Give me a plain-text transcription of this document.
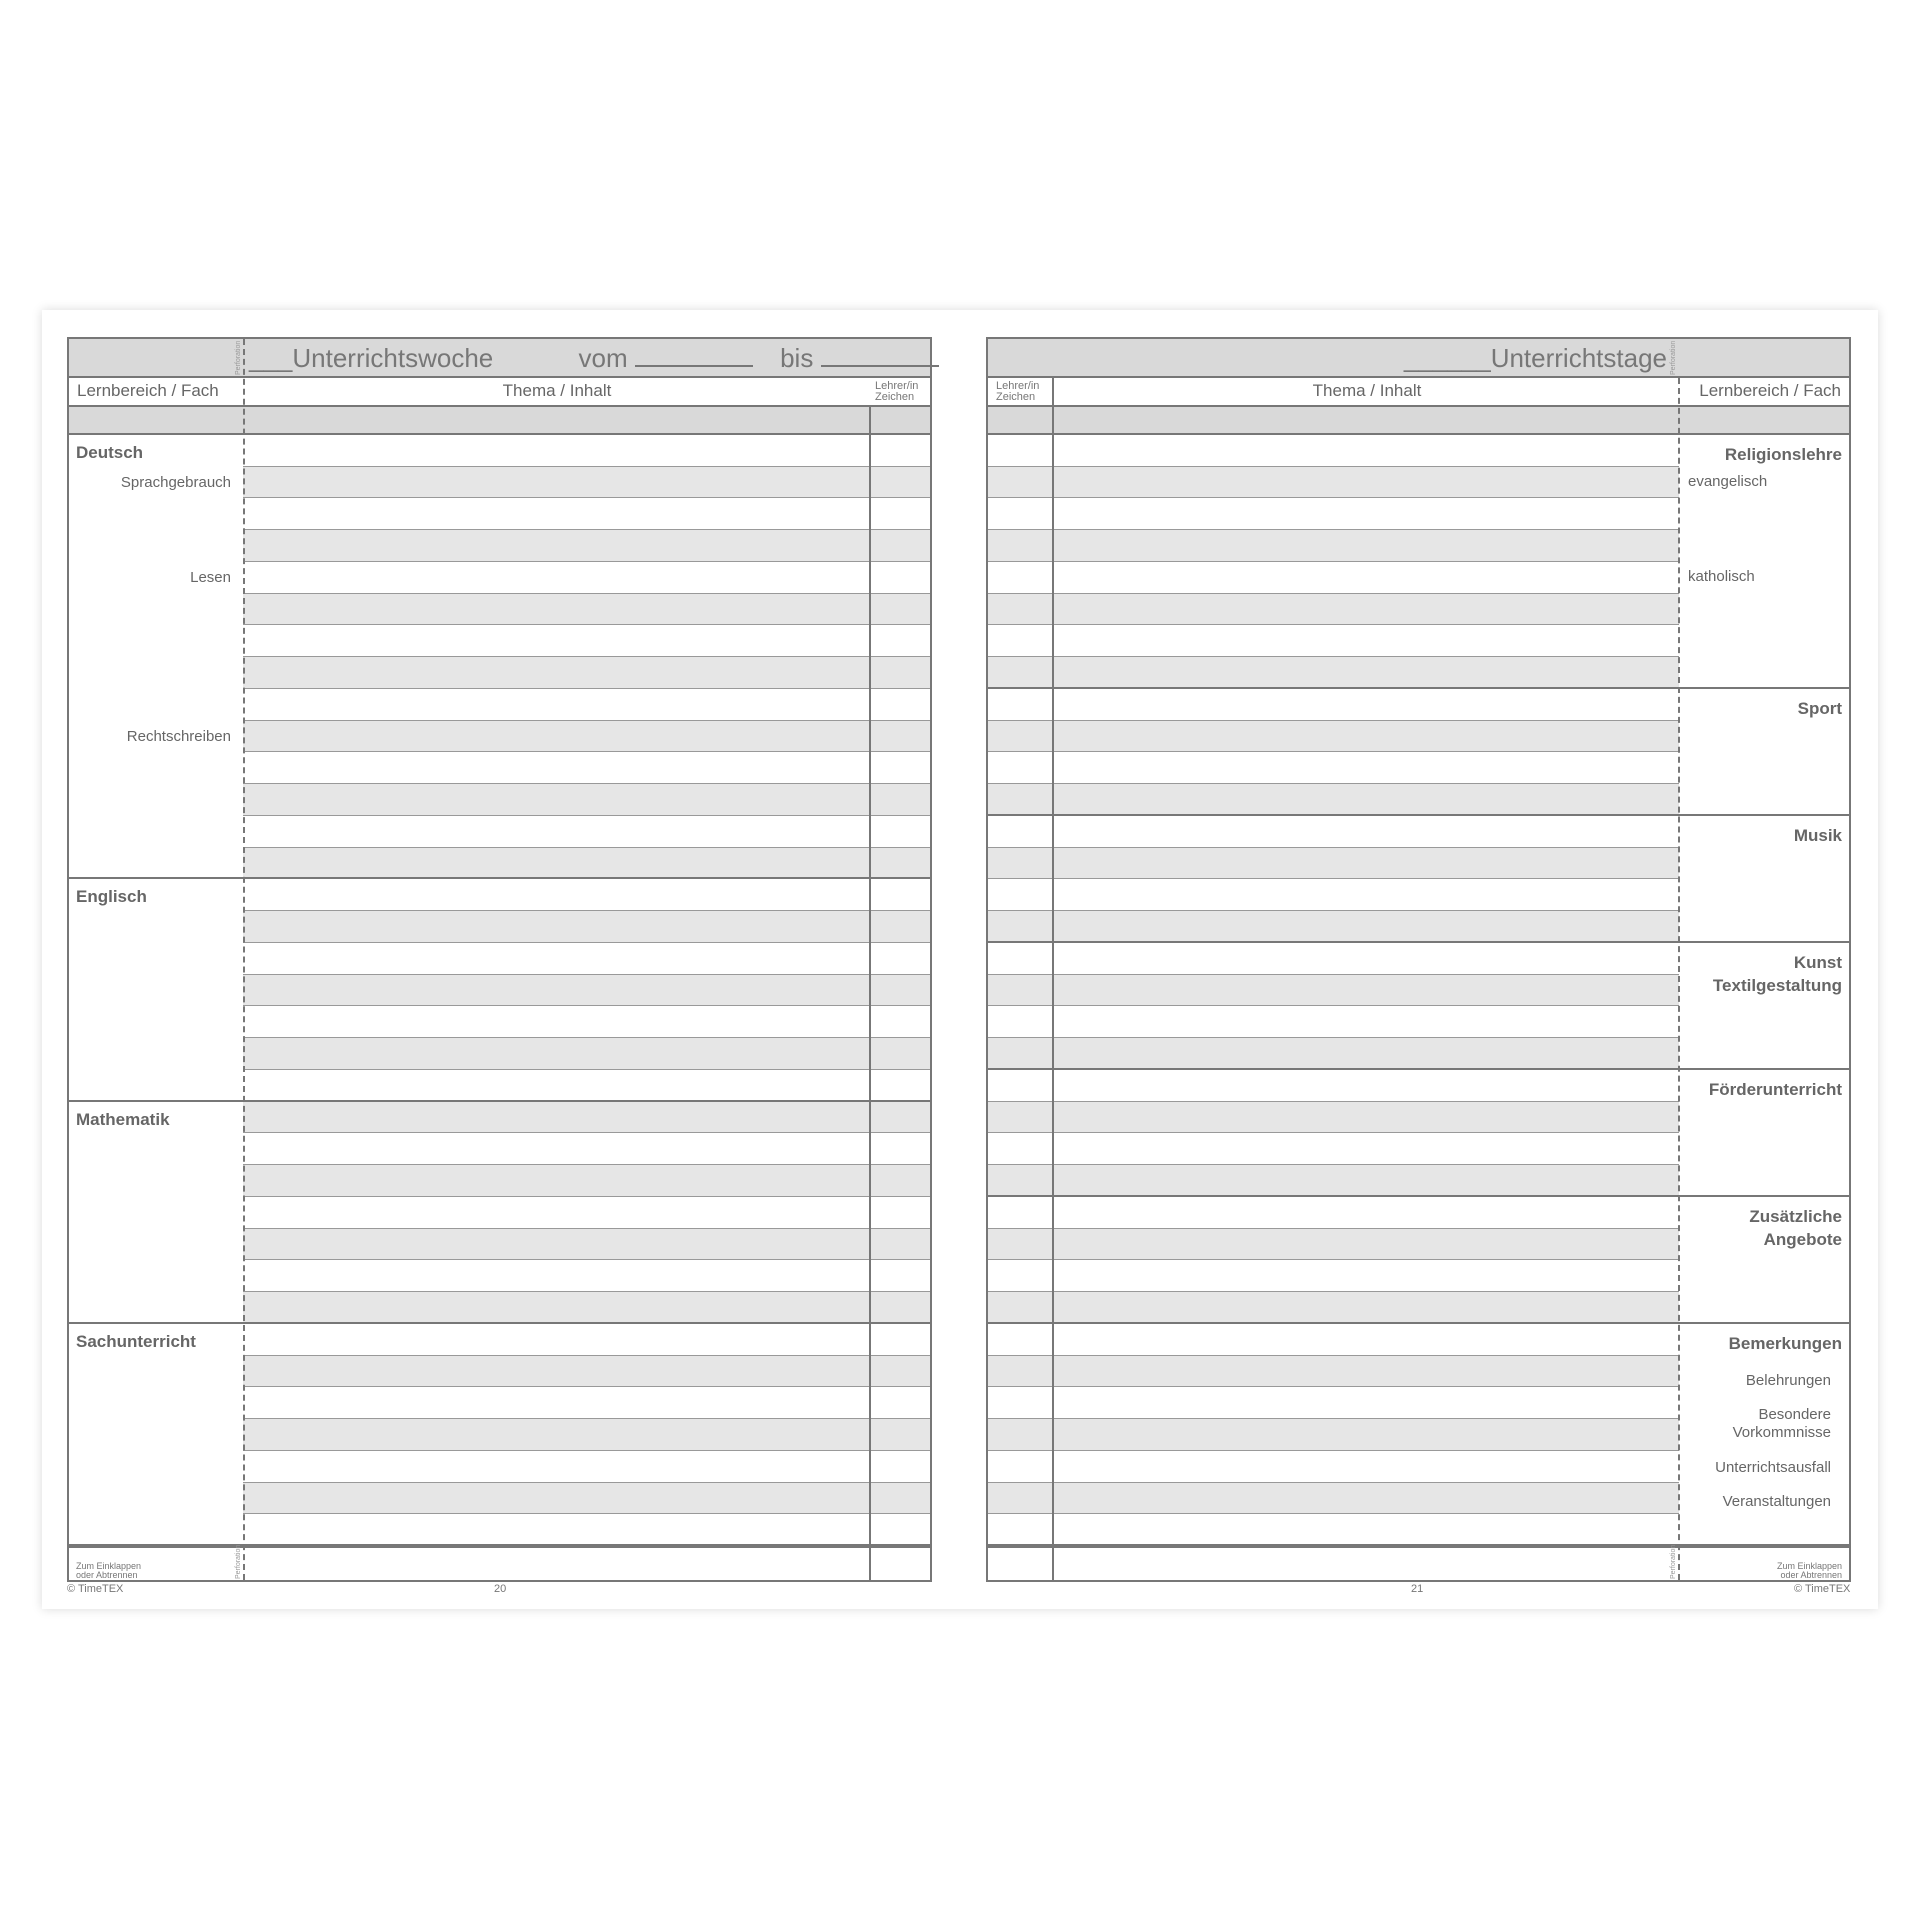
___Unterrichtswoche	vom	bis
Lernbereich / Fach	Thema / Inhalt	Lehrer/in
Zeichen
Deutsch
Sprachgebrauch
Lesen
Rechtschreiben
Englisch
Mathematik
Sachunterricht
Zum Einklappen
oder Abtrennen
Perforation
Perforation
© TimeTEX	20
______Unterrichtstage
Lehrer/in
Zeichen	Thema / Inhalt	Lernbereich / Fach
Religionslehre
evangelisch
katholisch
Sport
Musik
Kunst
Textilgestaltung
Förderunterricht
Zusätzliche
Angebote
Bemerkungen
Belehrungen
Besondere
Vorkommnisse
Unterrichtsausfall
Veranstaltungen
Zum Einklappen
oder Abtrennen
Perforation
Perforation
21	© TimeTEX
